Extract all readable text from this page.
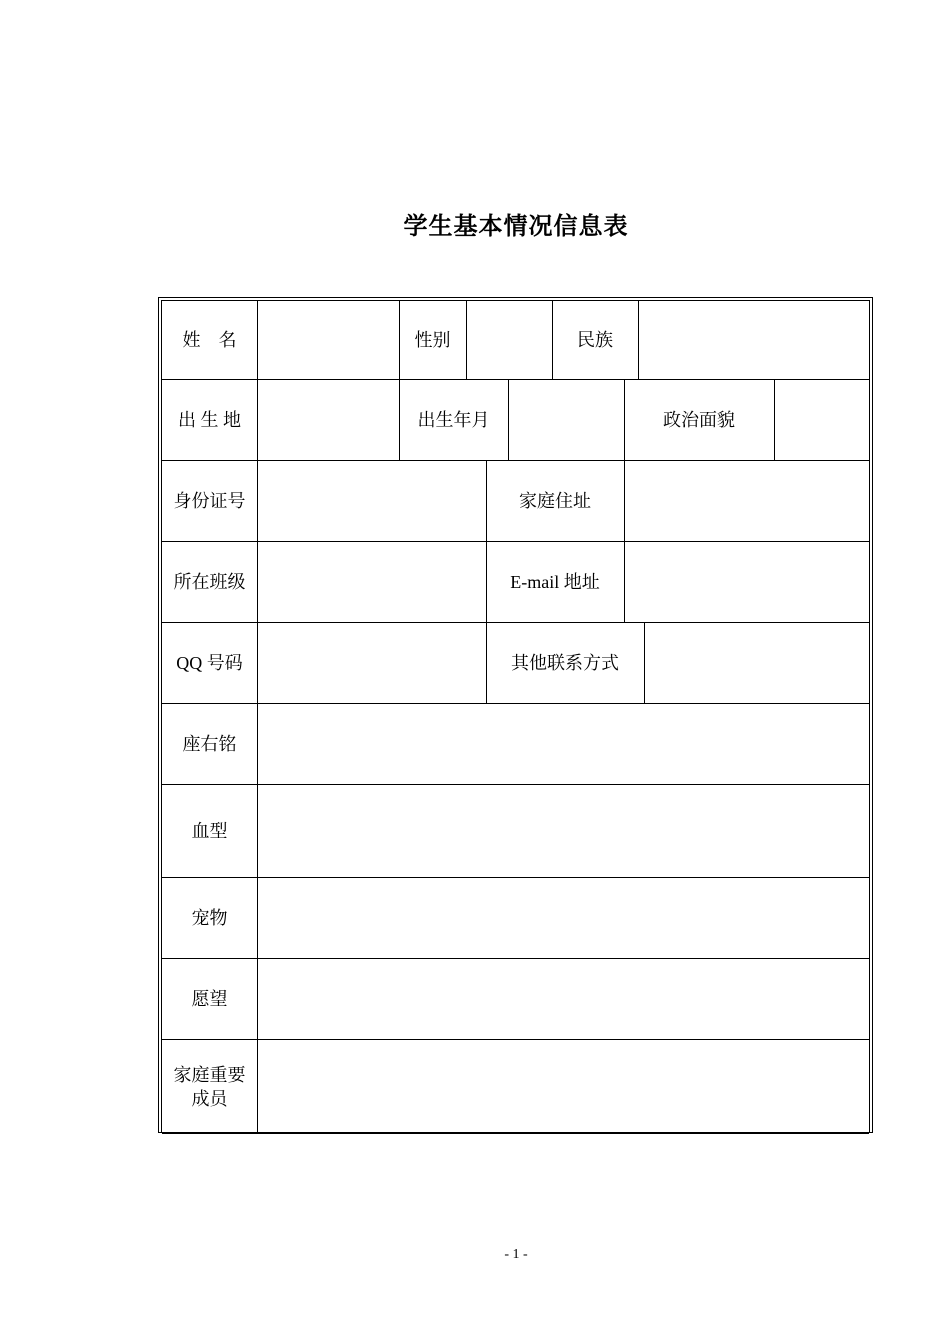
学生基本情况信息表
姓    名	性别	民族
出 生 地	出生年月	政治面貌
身份证号	家庭住址
所在班级	E-mail 地址
QQ 号码	其他联系方式
座右铭
血型
宠物
愿望
家庭重要
成员
- 1 -
